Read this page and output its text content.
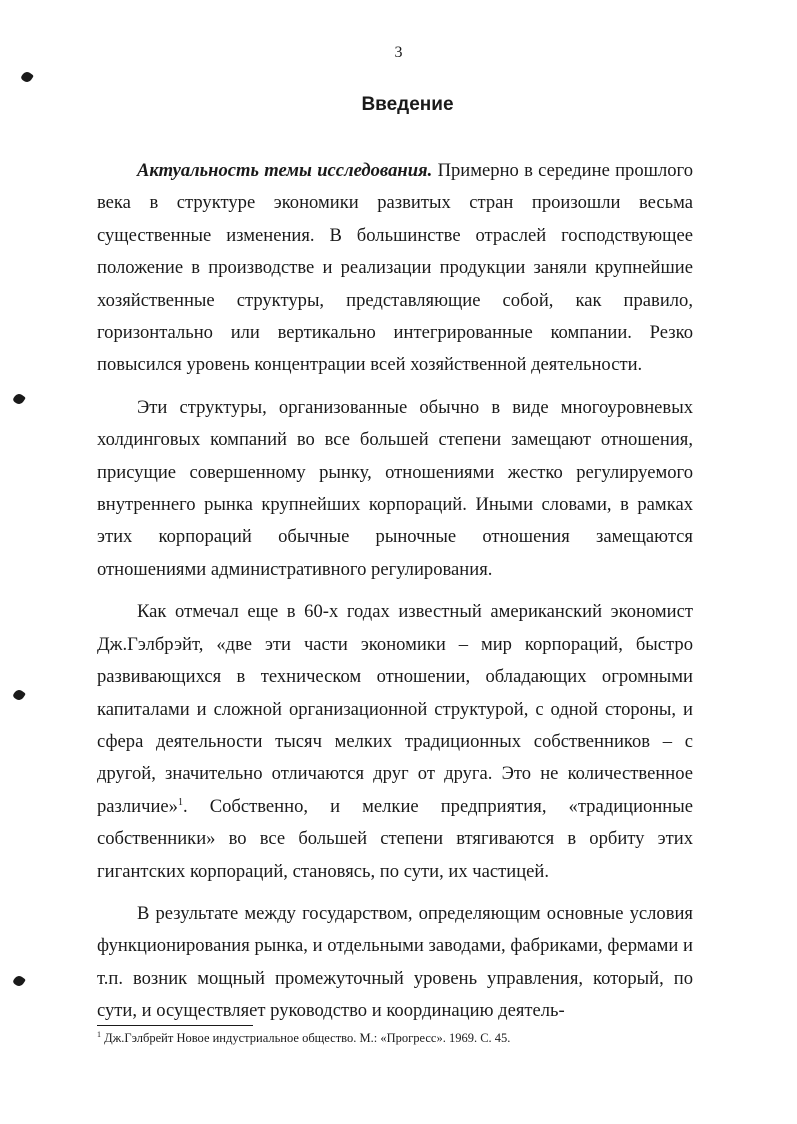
3
Введение

Актуальность темы исследования. Примерно в середине прошлого века в структуре экономики развитых стран произошли весьма существенные изменения. В большинстве отраслей господствующее положение в производстве и реализации продукции заняли крупнейшие хозяйственные структуры, представляющие собой, как правило, горизонтально или вертикально интегрированные компании. Резко повысился уровень концентрации всей хозяйственной деятельности.

Эти структуры, организованные обычно в виде многоуровневых холдинговых компаний во все большей степени замещают отношения, присущие совершенному рынку, отношениями жестко регулируемого внутреннего рынка крупнейших корпораций. Иными словами, в рамках этих корпораций обычные рыночные отношения замещаются отношениями административного регулирования.

Как отмечал еще в 60-х годах известный американский экономист Дж.Гэлбрэйт, «две эти части экономики – мир корпораций, быстро развивающихся в техническом отношении, обладающих огромными капиталами и сложной организационной структурой, с одной стороны, и сфера деятельности тысяч мелких традиционных собственников – с другой, значительно отличаются друг от друга. Это не количественное различие»$^1$. Собственно, и мелкие предприятия, «традиционные собственники» во все большей степени втягиваются в орбиту этих гигантских корпораций, становясь, по сути, их частицей.

В результате между государством, определяющим основные условия функционирования рынка, и отдельными заводами, фабриками, фермами и т.п. возник мощный промежуточный уровень управления, который, по сути, и осуществляет руководство и координацию деятель-

$^1$ Дж.Гэлбрейт Новое индустриальное общество. М.: «Прогресс». 1969. С. 45.
